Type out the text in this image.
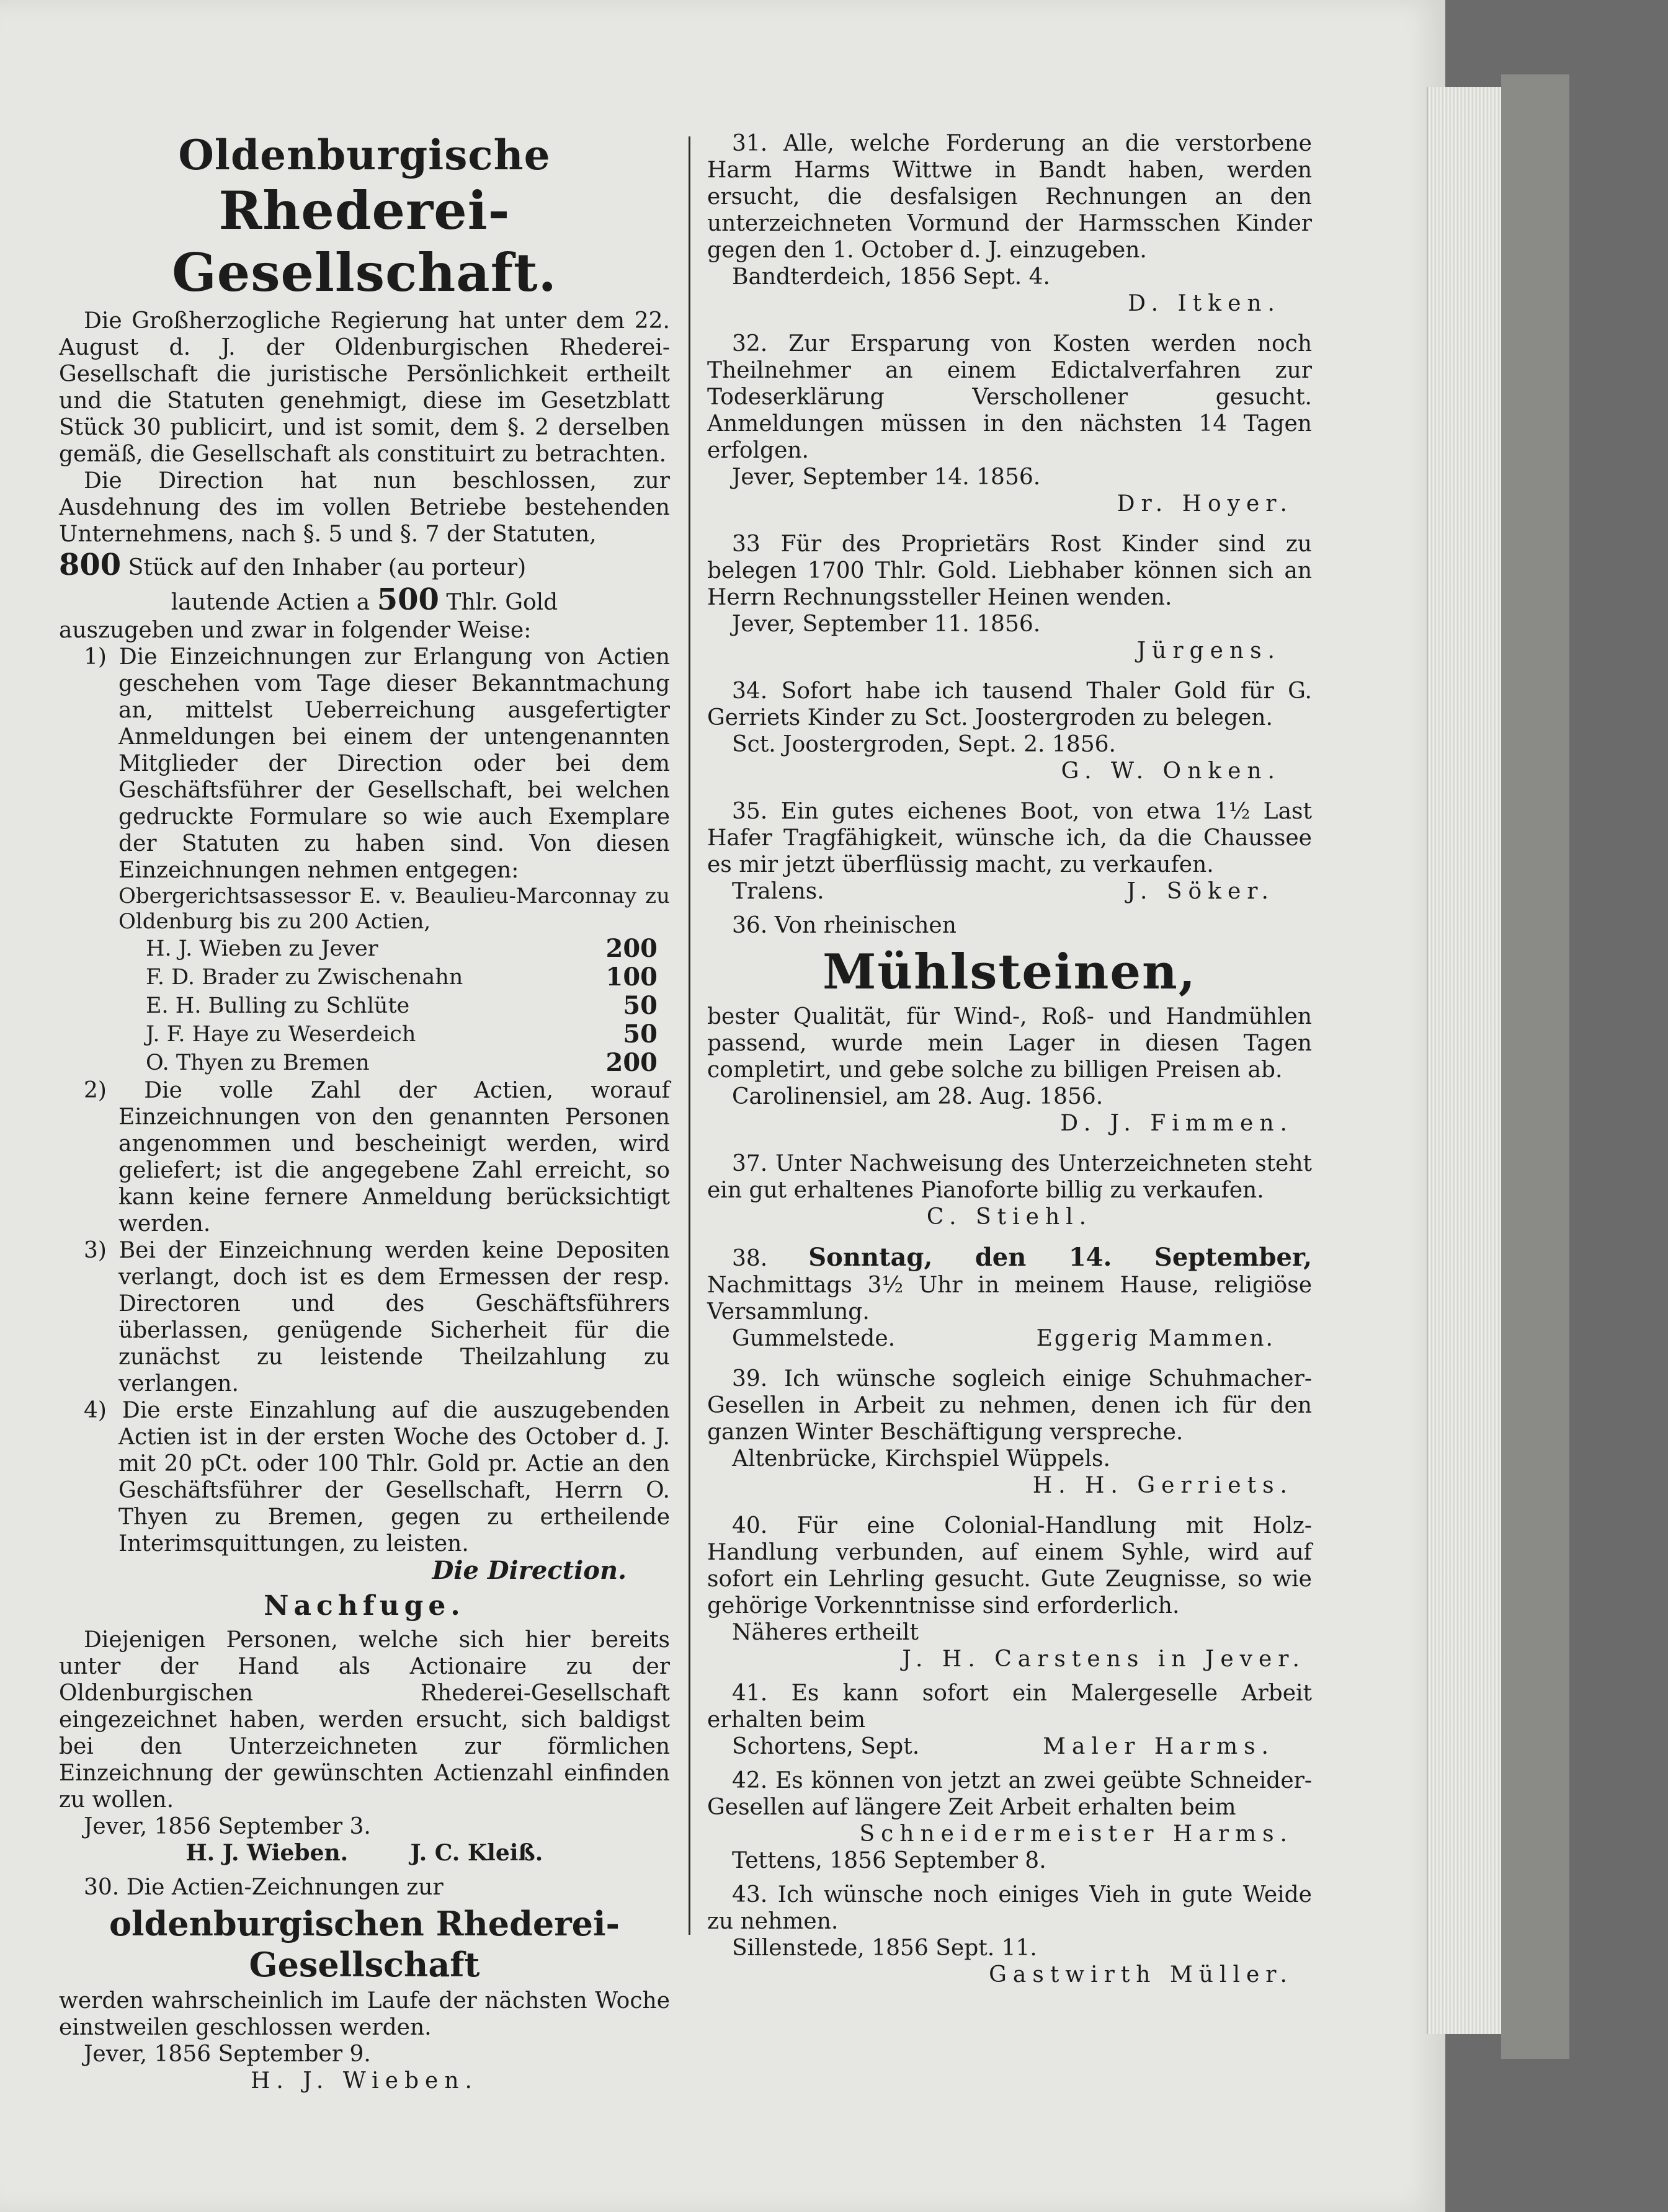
Oldenburgische
Rhederei-Gesellschaft.

Die Großherzogliche Regierung hat unter dem 22. August d. J. der Oldenburgischen Rhederei-Gesellschaft die juristische Persönlichkeit ertheilt und die Statuten genehmigt, diese im Gesetzblatt Stück 30 publicirt, und ist somit, dem §. 2 derselben gemäß, die Gesellschaft als constituirt zu betrachten.

Die Direction hat nun beschlossen, zur Ausdehnung des im vollen Betriebe bestehenden Unternehmens, nach §. 5 und §. 7 der Statuten,

800 Stück auf den Inhaber (au porteur)

lautende Actien a 500 Thlr. Gold

auszugeben und zwar in folgender Weise:

1) Die Einzeichnungen zur Erlangung von Actien geschehen vom Tage dieser Bekanntmachung an, mittelst Ueberreichung ausgefertigter Anmeldungen bei einem der untengenannten Mitglieder der Direction oder bei dem Geschäftsführer der Gesellschaft, bei welchen gedruckte Formulare so wie auch Exemplare der Statuten zu haben sind. Von diesen Einzeichnungen nehmen entgegen:

Obergerichtsassessor E. v. Beaulieu-Marconnay zu Oldenburg bis zu 200 Actien,

H. J. Wieben zu Jever	200
F. D. Brader zu Zwischenahn	100
E. H. Bulling zu Schlüte	50
J. F. Haye zu Weserdeich	50
O. Thyen zu Bremen	200

2) Die volle Zahl der Actien, worauf Einzeichnungen von den genannten Personen angenommen und bescheinigt werden, wird geliefert; ist die angegebene Zahl erreicht, so kann keine fernere Anmeldung berücksichtigt werden.

3) Bei der Einzeichnung werden keine Depositen verlangt, doch ist es dem Ermessen der resp. Directoren und des Geschäftsführers überlassen, genügende Sicherheit für die zunächst zu leistende Theilzahlung zu verlangen.

4) Die erste Einzahlung auf die auszugebenden Actien ist in der ersten Woche des October d. J. mit 20 pCt. oder 100 Thlr. Gold pr. Actie an den Geschäftsführer der Gesellschaft, Herrn O. Thyen zu Bremen, gegen zu ertheilende Interimsquittungen, zu leisten.

Die Direction.

Nachfuge.

Diejenigen Personen, welche sich hier bereits unter der Hand als Actionaire zu der Oldenburgischen Rhederei-Gesellschaft eingezeichnet haben, werden ersucht, sich baldigst bei den Unterzeichneten zur förmlichen Einzeichnung der gewünschten Actienzahl einfinden zu wollen.

Jever, 1856 September 3.

H. J. Wieben.	J. C. Kleiß.

30. Die Actien-Zeichnungen zur

oldenburgischen Rhederei-Gesellschaft

werden wahrscheinlich im Laufe der nächsten Woche einstweilen geschlossen werden.

Jever, 1856 September 9.

H. J. Wieben.

31. Alle, welche Forderung an die verstorbene Harm Harms Wittwe in Bandt haben, werden ersucht, die desfalsigen Rechnungen an den unterzeichneten Vormund der Harmsschen Kinder gegen den 1. October d. J. einzugeben.

Bandterdeich, 1856 Sept. 4.

D. Itken.

32. Zur Ersparung von Kosten werden noch Theilnehmer an einem Edictalverfahren zur Todeserklärung Verschollener gesucht. Anmeldungen müssen in den nächsten 14 Tagen erfolgen.

Jever, September 14. 1856.

Dr. Hoyer.

33 Für des Proprietärs Rost Kinder sind zu belegen 1700 Thlr. Gold. Liebhaber können sich an Herrn Rechnungssteller Heinen wenden.

Jever, September 11. 1856.

Jürgens.

34. Sofort habe ich tausend Thaler Gold für G. Gerriets Kinder zu Sct. Joostergroden zu belegen.

Sct. Joostergroden, Sept. 2. 1856.

G. W. Onken.

35. Ein gutes eichenes Boot, von etwa 1½ Last Hafer Tragfähigkeit, wünsche ich, da die Chaussee es mir jetzt überflüssig macht, zu verkaufen.

Tralens.	J. Söker.

36. Von rheinischen

Mühlsteinen,

bester Qualität, für Wind-, Roß- und Handmühlen passend, wurde mein Lager in diesen Tagen completirt, und gebe solche zu billigen Preisen ab.

Carolinensiel, am 28. Aug. 1856.

D. J. Fimmen.

37. Unter Nachweisung des Unterzeichneten steht ein gut erhaltenes Pianoforte billig zu verkaufen.

C. Stiehl.

38. Sonntag, den 14. September, Nachmittags 3½ Uhr in meinem Hause, religiöse Versammlung.

Gummelstede.	Eggerig Mammen.

39. Ich wünsche sogleich einige Schuhmacher-Gesellen in Arbeit zu nehmen, denen ich für den ganzen Winter Beschäftigung verspreche.

Altenbrücke, Kirchspiel Wüppels.

H. H. Gerriets.

40. Für eine Colonial-Handlung mit Holz-Handlung verbunden, auf einem Syhle, wird auf sofort ein Lehrling gesucht. Gute Zeugnisse, so wie gehörige Vorkenntnisse sind erforderlich.

Näheres ertheilt

J. H. Carstens in Jever.

41. Es kann sofort ein Malergeselle Arbeit erhalten beim

Schortens, Sept.	Maler Harms.

42. Es können von jetzt an zwei geübte Schneider-Gesellen auf längere Zeit Arbeit erhalten beim

Schneidermeister Harms.

Tettens, 1856 September 8.

43. Ich wünsche noch einiges Vieh in gute Weide zu nehmen.

Sillenstede, 1856 Sept. 11.

Gastwirth Müller.
